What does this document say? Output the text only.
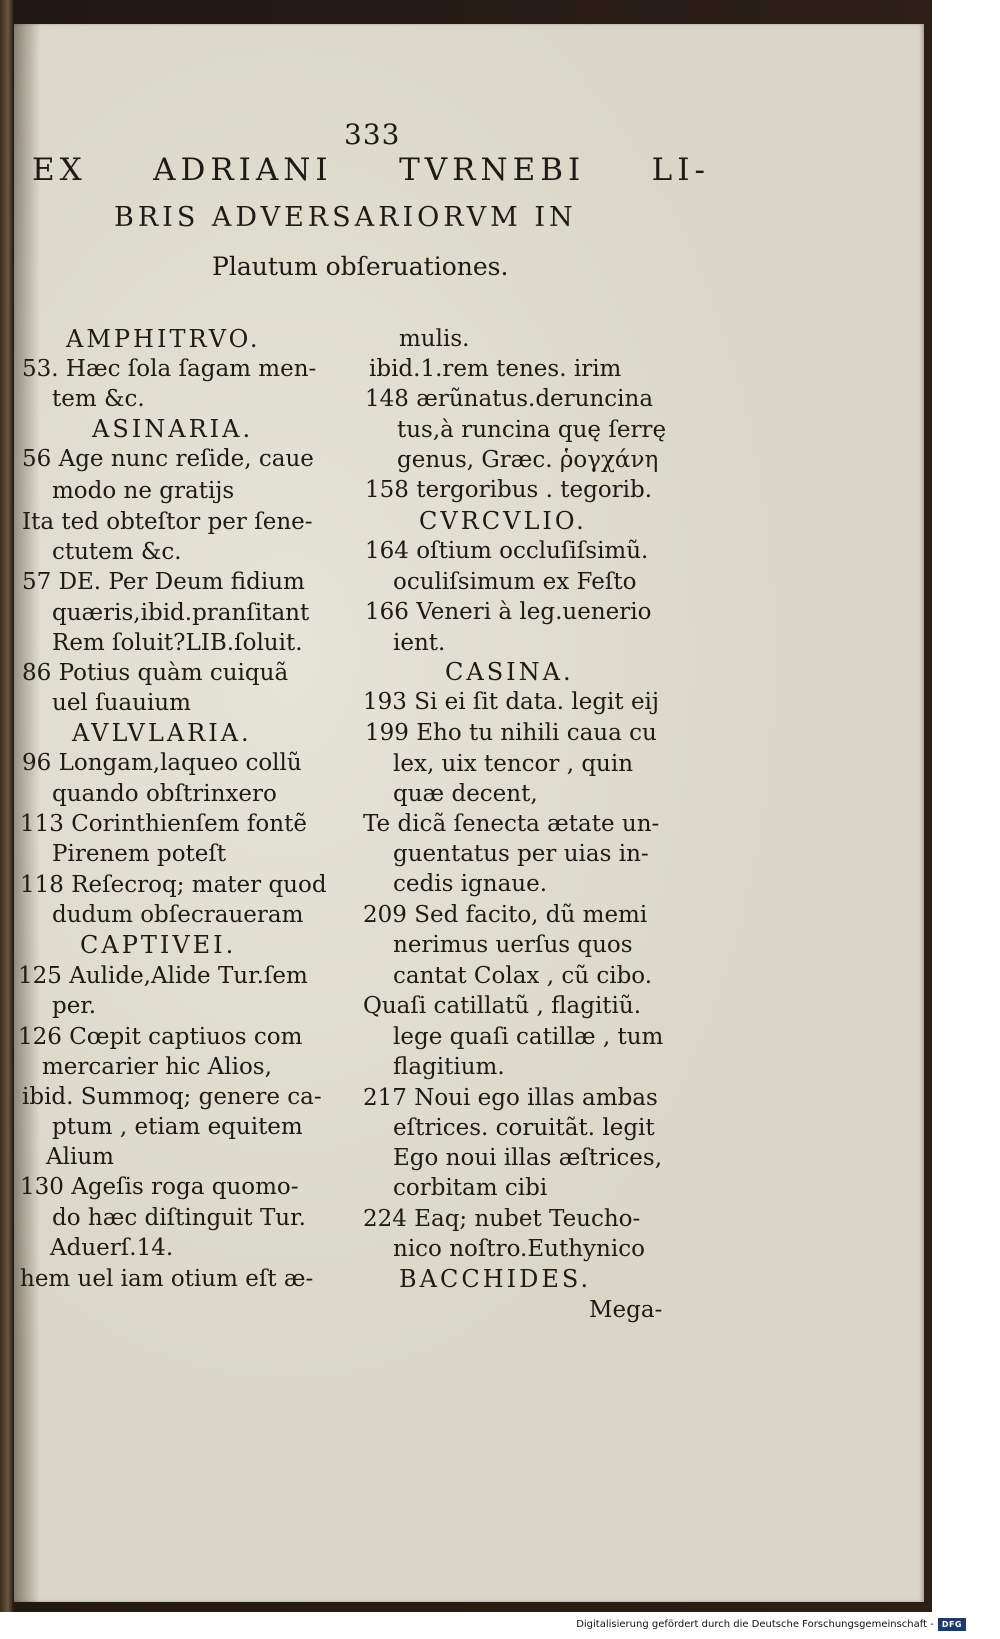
333
EX ADRIANI TVRNEBI LI-
BRIS ADVERSARIORVM IN
Plautum obſeruationes.
AMPHITRVO.
53. Hæc ſola ſagam men-
tem &c.
ASINARIA.
56 Age nunc reſide, caue
modo ne gratijs
Ita ted obteſtor per ſene-
ctutem &c.
57 DE. Per Deum fidium
quæris,ibid.pranſitant
Rem ſoluit?LIB.ſoluit.
86 Potius quàm cuiquã
uel ſuauium
AVLVLARIA.
96 Longam,laqueo collũ
quando obſtrinxero
113 Corinthienſem fontẽ
Pirenem poteſt
118 Reſecroq; mater quod
dudum obſecraueram
CAPTIVEI.
125 Aulide,Alide Tur.ſem
per.
126 Cœpit captiuos com
mercarier hic Alios,
ibid. Summoq; genere ca-
ptum , etiam equitem
Alium
130 Ageſis roga quomo-
do hæc diſtinguit Tur.
Aduerſ.14.
hem uel iam otium eſt æ-
mulis.
ibid.1.rem tenes. irim
148 ærũnatus.deruncina
tus,à runcina quę ſerrę
genus, Græc. ῥογχάνη
158 tergoribus . tegorib.
CVRCVLIO.
164 oſtium occluſiſsimũ.
oculiſsimum ex Feſto
166 Veneri à leg.uenerio
ient.
CASINA.
193 Si ei ſit data. legit eij
199 Eho tu nihili caua cu
lex, uix tencor , quin
quæ decent,
Te dicã ſenecta ætate un-
guentatus per uias in-
cedis ignaue.
209 Sed facito, dũ memi
nerimus uerſus quos
cantat Colax , cũ cibo.
Quaſi catillatũ , flagitiũ.
lege quaſi catillæ , tum
flagitium.
217 Noui ego illas ambas
eſtrices. coruitãt. legit
Ego noui illas æſtrices,
corbitam cibi
224 Eaq; nubet Teucho-
nico noſtro.Euthynico
BACCHIDES.
Mega-
Digitalisierung gefördert durch die Deutsche Forschungsgemeinschaft -	DFG
